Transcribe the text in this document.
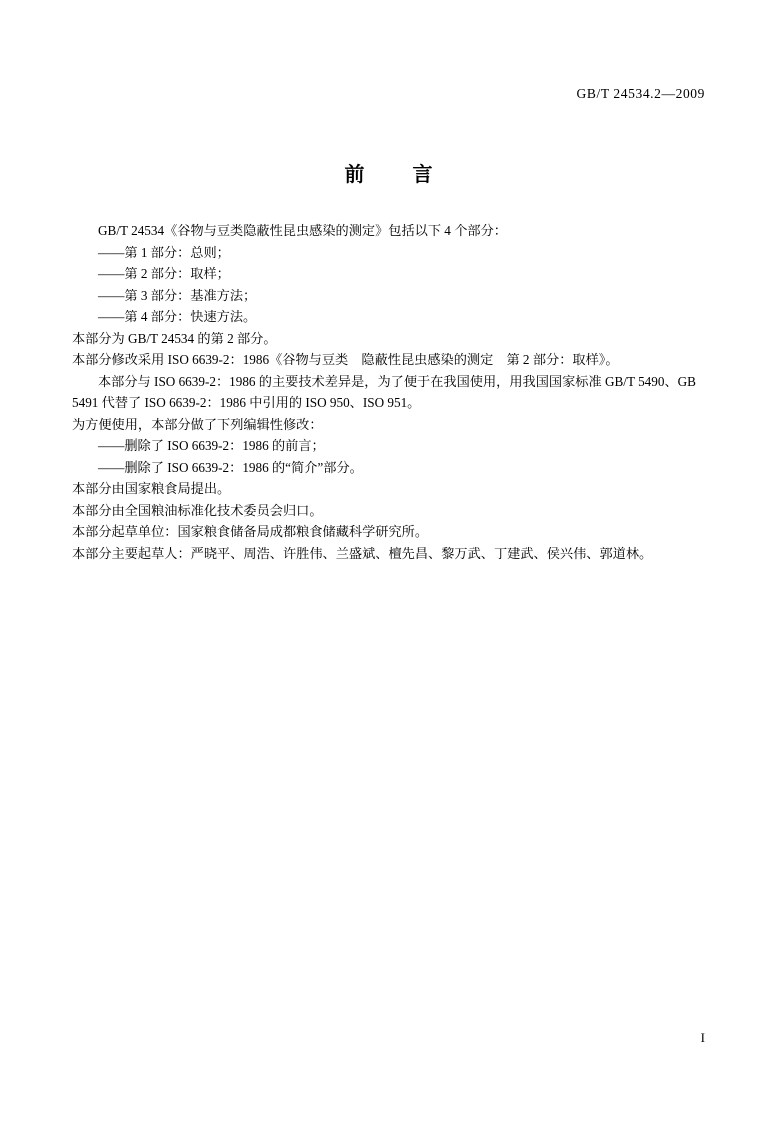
GB/T 24534.2—2009
前　言

GB/T 24534《谷物与豆类隐蔽性昆虫感染的测定》包括以下 4 个部分：

——第 1 部分：总则；

——第 2 部分：取样；

——第 3 部分：基准方法；

——第 4 部分：快速方法。

本部分为 GB/T 24534 的第 2 部分。

本部分修改采用 ISO 6639-2：1986《谷物与豆类　隐蔽性昆虫感染的测定　第 2 部分：取样》。

本部分与 ISO 6639-2：1986 的主要技术差异是，为了便于在我国使用，用我国国家标准 GB/T 5490、GB 5491 代替了 ISO 6639-2：1986 中引用的 ISO 950、ISO 951。

为方便使用，本部分做了下列编辑性修改：

——删除了 ISO 6639-2：1986 的前言；

——删除了 ISO 6639-2：1986 的“简介”部分。

本部分由国家粮食局提出。

本部分由全国粮油标准化技术委员会归口。

本部分起草单位：国家粮食储备局成都粮食储藏科学研究所。

本部分主要起草人：严晓平、周浩、许胜伟、兰盛斌、檀先昌、黎万武、丁建武、侯兴伟、郭道林。

I
